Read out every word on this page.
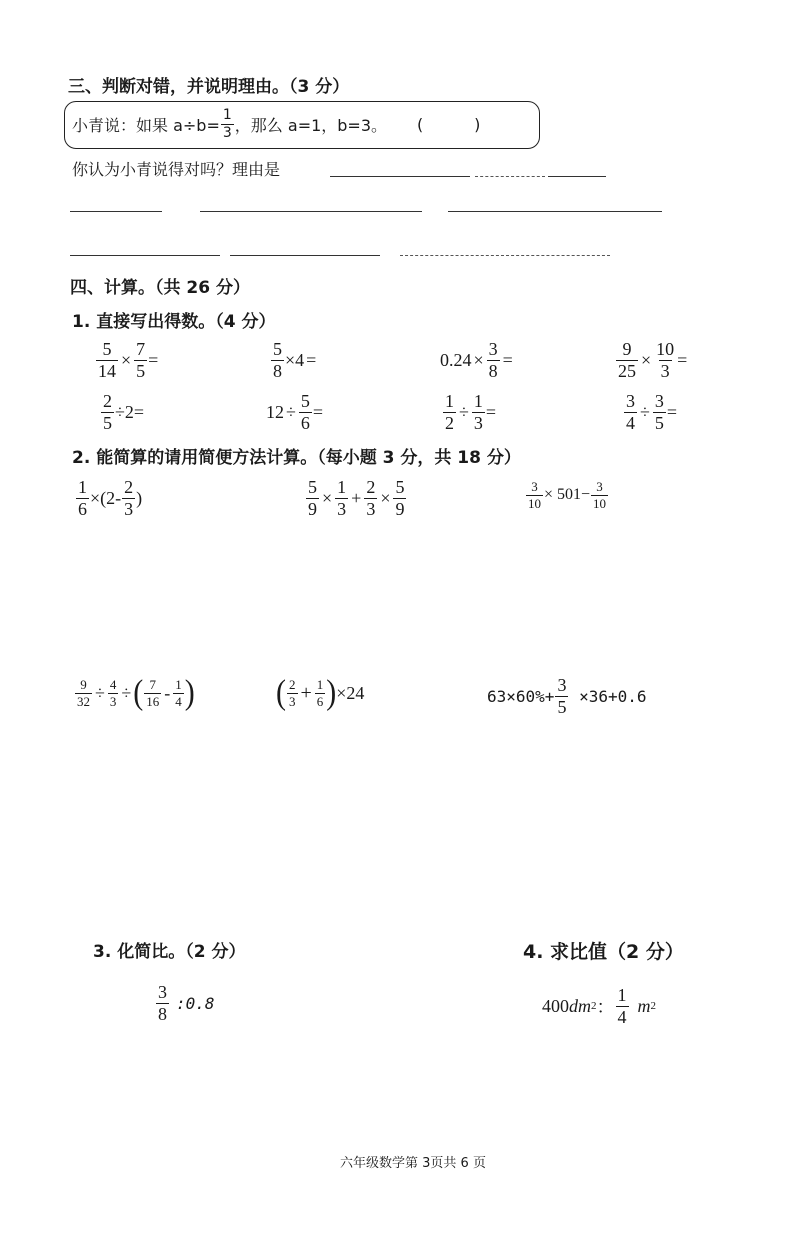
三、判断对错，并说明理由。（3 分）
小青说：如果 $a\div b= \frac{1}{3}$ ，那么 a=1，b=3。 (          )
你认为小青说得对吗？理由是
四、计算。（共 26 分）
1. 直接写出得数。（4 分）
$\frac{5}{14} \times \frac{7}{5}$ =	$\frac{5}{8} \times 4$ =	$0.24 \times \frac{3}{8}$ =	$\frac{9}{25} \times \frac{10}{3}$ =
$\frac{2}{5} \div 2=$	$12 \div \frac{5}{6}$ =	$\frac{1}{2} \div \frac{1}{3}$ =	$\frac{3}{4} \div \frac{3}{5}$ =
2. 能简算的请用简便方法计算。（每小题 3 分，共 18 分）
$\frac{1}{6} \times(2- \frac{2}{3}$ )	$\frac{5}{9} \times \frac{1}{3} + \frac{2}{3} \times \frac{5}{9}$	$\frac{3}{10} \times 501- \frac{3}{10}$
$\frac{9}{32} \div \frac{4}{3}$ ÷ ( $\frac{7}{16} - \frac{1}{4}$ )	( $\frac{2}{3} + \frac{1}{6}$ ) ×24	$63\times 60\%+ \frac{3}{5} \times 36+0.6$
3. 化简比。（2 分）
$\frac{3}{8}$ :0.8
4. 求比值（2 分）
400 dm 2 ： $\frac{1}{4}$ m 2
六年级数学第 3页共 6 页
